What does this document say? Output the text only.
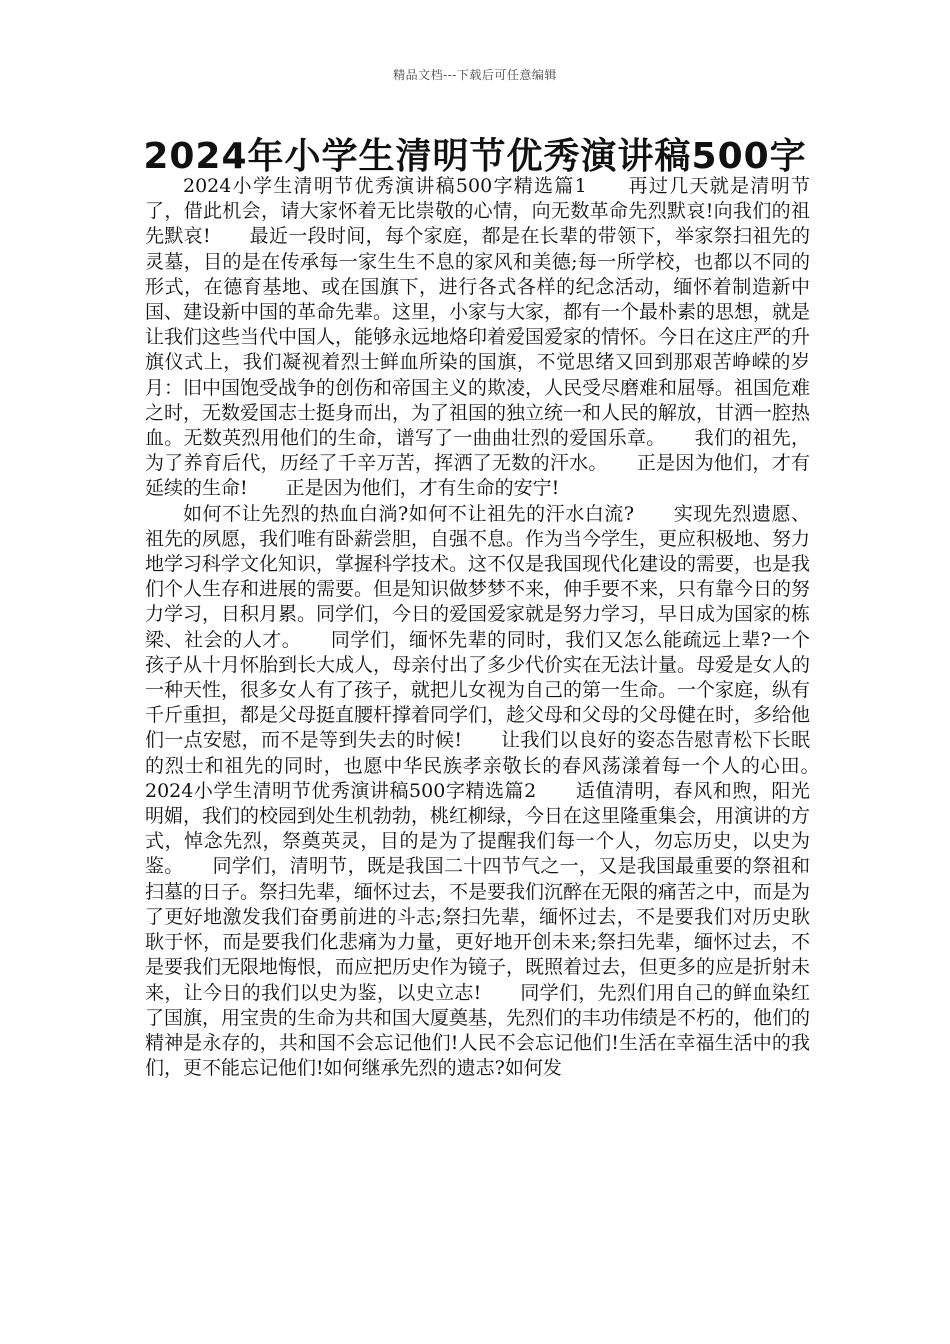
精品文档---下载后可任意编辑
2024年小学生清明节优秀演讲稿500字

2024小学生清明节优秀演讲稿500字精选篇1　　再过几天就是清明节了，借此机会，请大家怀着无比崇敬的心情，向无数革命先烈默哀!向我们的祖先默哀!　　最近一段时间，每个家庭，都是在长辈的带领下，举家祭扫祖先的灵墓，目的是在传承每一家生生不息的家风和美德;每一所学校，也都以不同的形式，在德育基地、或在国旗下，进行各式各样的纪念活动，缅怀着制造新中国、建设新中国的革命先辈。这里，小家与大家，都有一个最朴素的思想，就是让我们这些当代中国人，能够永远地烙印着爱国爱家的情怀。今日在这庄严的升旗仪式上，我们凝视着烈士鲜血所染的国旗，不觉思绪又回到那艰苦峥嵘的岁月：旧中国饱受战争的创伤和帝国主义的欺凌，人民受尽磨难和屈辱。祖国危难之时，无数爱国志士挺身而出，为了祖国的独立统一和人民的解放，甘洒一腔热血。无数英烈用他们的生命，谱写了一曲曲壮烈的爱国乐章。　　我们的祖先，为了养育后代，历经了千辛万苦，挥洒了无数的汗水。　　正是因为他们，才有延续的生命!　　正是因为他们，才有生命的安宁!

如何不让先烈的热血白淌?如何不让祖先的汗水白流?　　实现先烈遗愿、祖先的夙愿，我们唯有卧薪尝胆，自强不息。作为当今学生，更应积极地、努力地学习科学文化知识，掌握科学技术。这不仅是我国现代化建设的需要，也是我们个人生存和进展的需要。但是知识做梦梦不来，伸手要不来，只有靠今日的努力学习，日积月累。同学们，今日的爱国爱家就是努力学习，早日成为国家的栋梁、社会的人才。　　同学们，缅怀先辈的同时，我们又怎么能疏远上辈?一个孩子从十月怀胎到长大成人，母亲付出了多少代价实在无法计量。母爱是女人的一种天性，很多女人有了孩子，就把儿女视为自己的第一生命。一个家庭，纵有千斤重担，都是父母挺直腰杆撑着同学们，趁父母和父母的父母健在时，多给他们一点安慰，而不是等到失去的时候!　　让我们以良好的姿态告慰青松下长眠的烈士和祖先的同时，也愿中华民族孝亲敬长的春风荡漾着每一个人的心田。　　2024小学生清明节优秀演讲稿500字精选篇2　　适值清明，春风和煦，阳光明媚，我们的校园到处生机勃勃，桃红柳绿，今日在这里隆重集会，用演讲的方式，悼念先烈，祭奠英灵，目的是为了提醒我们每一个人，勿忘历史，以史为鉴。　　同学们，清明节，既是我国二十四节气之一，又是我国最重要的祭祖和扫墓的日子。祭扫先辈，缅怀过去，不是要我们沉醉在无限的痛苦之中，而是为了更好地激发我们奋勇前进的斗志;祭扫先辈，缅怀过去，不是要我们对历史耿耿于怀，而是要我们化悲痛为力量，更好地开创未来;祭扫先辈，缅怀过去，不是要我们无限地悔恨，而应把历史作为镜子，既照着过去，但更多的应是折射未来，让今日的我们以史为鉴，以史立志!　　同学们，先烈们用自己的鲜血染红了国旗，用宝贵的生命为共和国大厦奠基，先烈们的丰功伟绩是不朽的，他们的精神是永存的，共和国不会忘记他们!人民不会忘记他们!生活在幸福生活中的我们，更不能忘记他们!如何继承先烈的遗志?如何发
